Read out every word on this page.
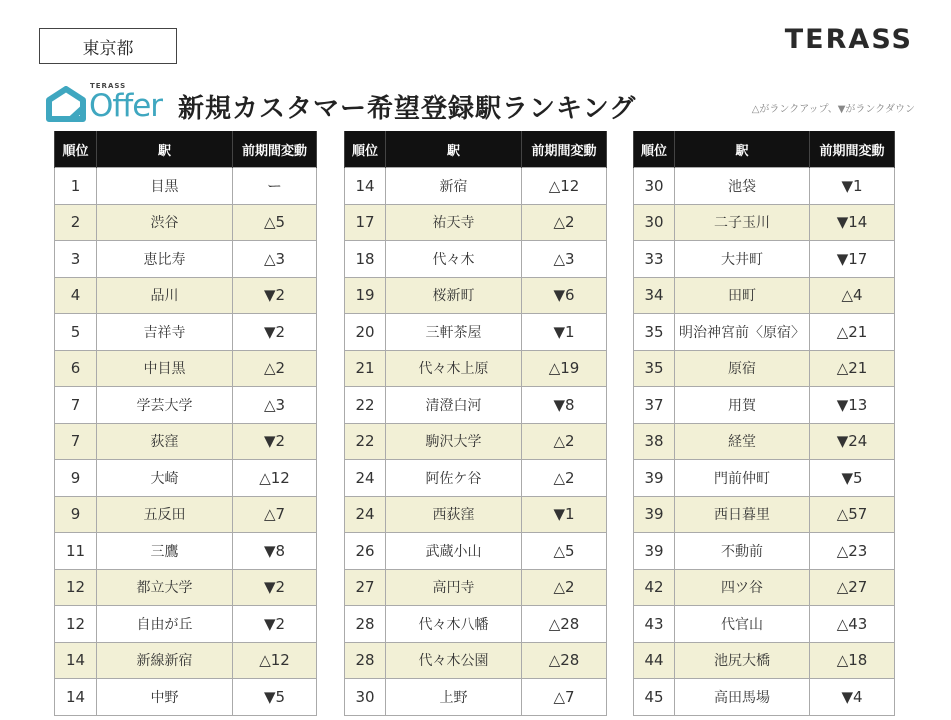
東京都	TERASS
TERASS
Offer 新規カスタマー希望登録駅ランキング	△がランクアップ、▼がランクダウン
順位	駅	前期間変動
1	目黒	ー
2	渋谷	△5
3	恵比寿	△3
4	品川	▼2
5	吉祥寺	▼2
6	中目黒	△2
7	学芸大学	△3
7	荻窪	▼2
9	大崎	△12
9	五反田	△7
11	三鷹	▼8
12	都立大学	▼2
12	自由が丘	▼2
14	新線新宿	△12
14	中野	▼5
順位	駅	前期間変動
14	新宿	△12
17	祐天寺	△2
18	代々木	△3
19	桜新町	▼6
20	三軒茶屋	▼1
21	代々木上原	△19
22	清澄白河	▼8
22	駒沢大学	△2
24	阿佐ケ谷	△2
24	西荻窪	▼1
26	武蔵小山	△5
27	高円寺	△2
28	代々木八幡	△28
28	代々木公園	△28
30	上野	△7
順位	駅	前期間変動
30	池袋	▼1
30	二子玉川	▼14
33	大井町	▼17
34	田町	△4
35	明治神宮前〈原宿〉	△21
35	原宿	△21
37	用賀	▼13
38	経堂	▼24
39	門前仲町	▼5
39	西日暮里	△57
39	不動前	△23
42	四ツ谷	△27
43	代官山	△43
44	池尻大橋	△18
45	高田馬場	▼4
